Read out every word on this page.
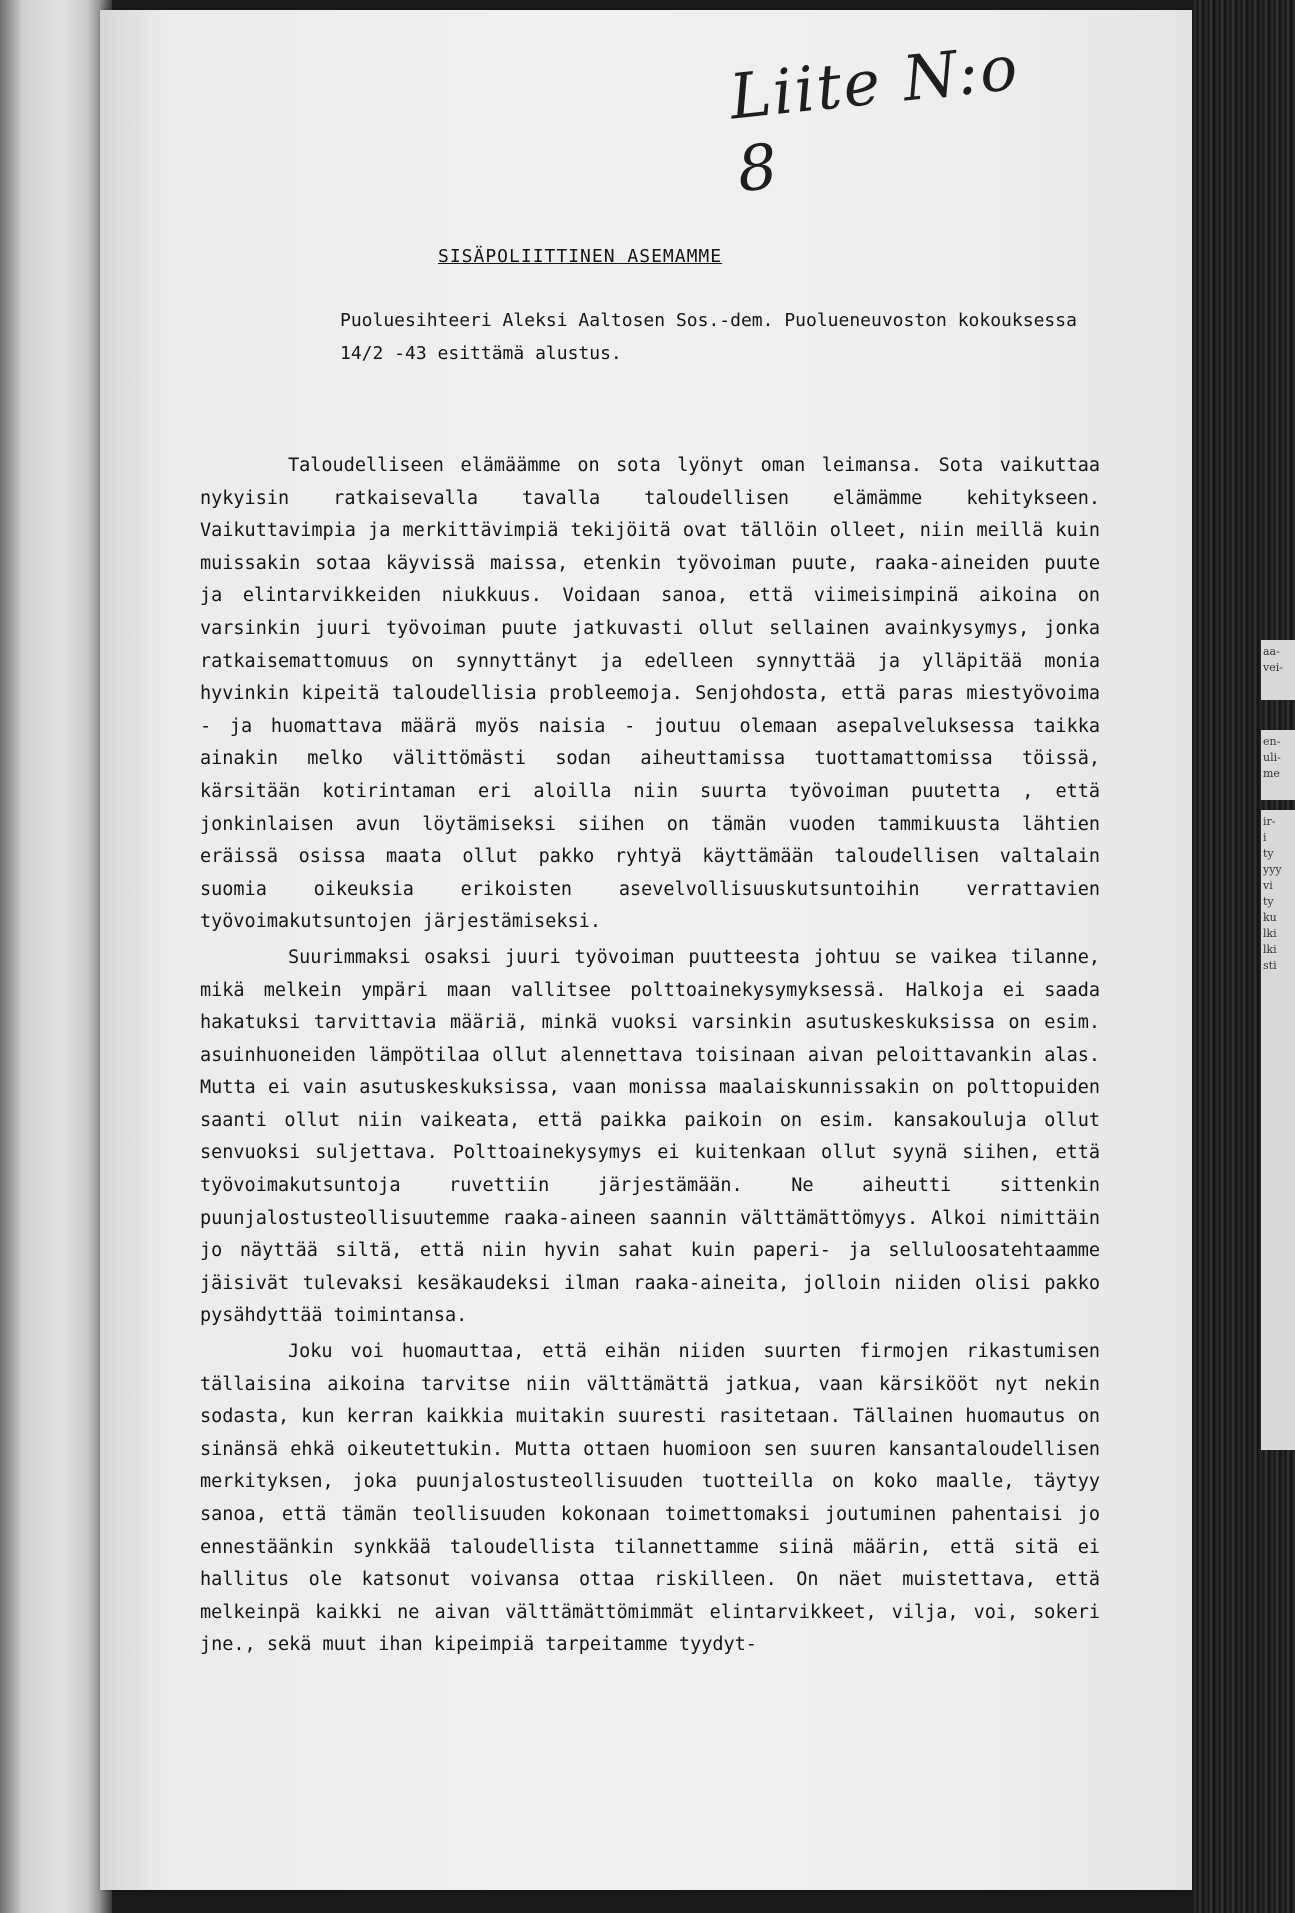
Liite N:o 8
SISÄPOLIITTINEN ASEMAMME
Puoluesihteeri Aleksi Aaltosen Sos.-dem. Puolueneuvoston kokouksessa 14/2 -43 esittämä alustus.

Taloudelliseen elämäämme on sota lyönyt oman leimansa. Sota vaikuttaa nykyisin ratkaisevalla tavalla taloudellisen elämämme kehitykseen. Vaikuttavimpia ja merkittävimpiä tekijöitä ovat tällöin olleet, niin meillä kuin muissakin sotaa käyvissä maissa, etenkin työvoiman puute, raaka-aineiden puute ja elintarvikkeiden niukkuus. Voidaan sanoa, että viimeisimpinä aikoina on varsinkin juuri työvoiman puute jatkuvasti ollut sellainen avainkysymys, jonka ratkaisemattomuus on synnyttänyt ja edelleen synnyttää ja ylläpitää monia hyvinkin kipeitä taloudellisia probleemoja. Senjohdosta, että paras miestyövoima - ja huomattava määrä myös naisia - joutuu olemaan asepalveluksessa taikka ainakin melko välittömästi sodan aiheuttamissa tuottamattomissa töissä, kärsitään kotirintaman eri aloilla niin suurta työvoiman puutetta , että jonkinlaisen avun löytämiseksi siihen on tämän vuoden tammikuusta lähtien eräissä osissa maata ollut pakko ryhtyä käyttämään taloudellisen valtalain suomia oikeuksia erikoisten asevelvollisuuskutsuntoihin verrattavien työvoimakutsuntojen järjestämiseksi.

Suurimmaksi osaksi juuri työvoiman puutteesta johtuu se vaikea tilanne, mikä melkein ympäri maan vallitsee polttoainekysymyksessä. Halkoja ei saada hakatuksi tarvittavia määriä, minkä vuoksi varsinkin asutuskeskuksissa on esim. asuinhuoneiden lämpötilaa ollut alennettava toisinaan aivan peloittavankin alas. Mutta ei vain asutuskeskuksissa, vaan monissa maalaiskunnissakin on polttopuiden saanti ollut niin vaikeata, että paikka paikoin on esim. kansakouluja ollut senvuoksi suljettava. Polttoainekysymys ei kuitenkaan ollut syynä siihen, että työvoimakutsuntoja ruvettiin järjestämään. Ne aiheutti sittenkin puunjalostusteollisuutemme raaka-aineen saannin välttämättömyys. Alkoi nimittäin jo näyttää siltä, että niin hyvin sahat kuin paperi- ja selluloosatehtaamme jäisivät tulevaksi kesäkaudeksi ilman raaka-aineita, jolloin niiden olisi pakko pysähdyttää toimintansa.

Joku voi huomauttaa, että eihän niiden suurten firmojen rikastumisen tällaisina aikoina tarvitse niin välttämättä jatkua, vaan kärsikööt nyt nekin sodasta, kun kerran kaikkia muitakin suuresti rasitetaan. Tällainen huomautus on sinänsä ehkä oikeutettukin. Mutta ottaen huomioon sen suuren kansantaloudellisen merkityksen, joka puunjalostusteollisuuden tuotteilla on koko maalle, täytyy sanoa, että tämän teollisuuden kokonaan toimettomaksi joutuminen pahentaisi jo ennestäänkin synkkää taloudellista tilannettamme siinä määrin, että sitä ei hallitus ole katsonut voivansa ottaa riskilleen. On näet muistettava, että melkeinpä kaikki ne aivan välttämättömimmät elintarvikkeet, vilja, voi, sokeri jne., sekä muut ihan kipeimpiä tarpeitamme tyydyt-

aa-
vei-
en-
uli-
me
ir-
i
ty
yyy
vi
ty
ku
lki
lki
sti
